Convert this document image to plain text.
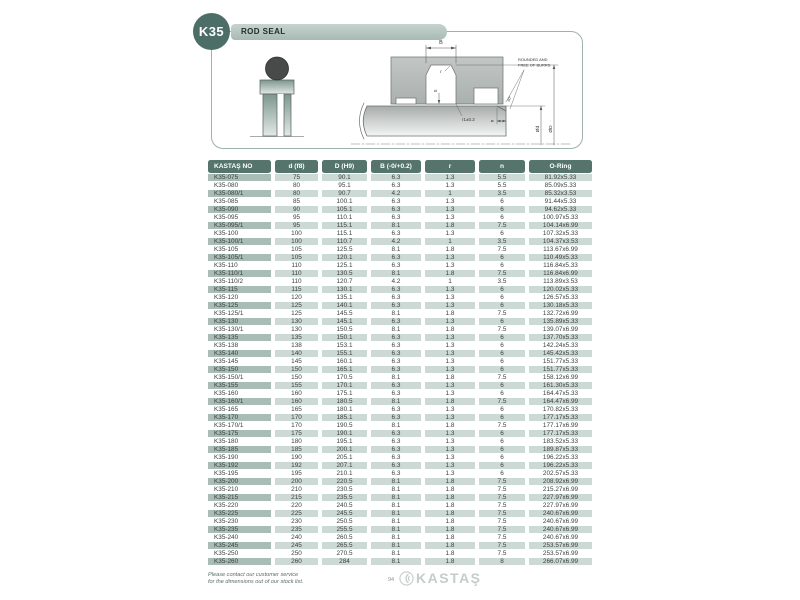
K35	ROD SEAL
B
r
S
r1±0.2	n
20°
Ød ØD
ROUNDED AND
FREE OF BURRS
KASTAŞ NO	d (f8)	D (H9)	B (-0/+0.2)	r	n	O-Ring
K35-075	75	90.1	6.3	1.3	5.5	81.92x5.33
K35-080	80	95.1	6.3	1.3	5.5	85.09x5.33
K35-080/1	80	90.7	4.2	1	3.5	85.32x3.53
K35-085	85	100.1	6.3	1.3	6	91.44x5.33
K35-090	90	105.1	6.3	1.3	6	94.62x5.33
K35-095	95	110.1	6.3	1.3	6	100.97x5.33
K35-095/1	95	115.1	8.1	1.8	7.5	104.14x6.99
K35-100	100	115.1	6.3	1.3	6	107.32x5.33
K35-100/1	100	110.7	4.2	1	3.5	104.37x3.53
K35-105	105	125.5	8.1	1.8	7.5	113.67x6.99
K35-105/1	105	120.1	6.3	1.3	6	110.49x5.33
K35-110	110	125.1	6.3	1.3	6	116.84x5.33
K35-110/1	110	130.5	8.1	1.8	7.5	116.84x6.99
K35-110/2	110	120.7	4.2	1	3.5	113.89x3.53
K35-115	115	130.1	6.3	1.3	6	120.02x5.33
K35-120	120	135.1	6.3	1.3	6	126.57x5.33
K35-125	125	140.1	6.3	1.3	6	130.18x5.33
K35-125/1	125	145.5	8.1	1.8	7.5	132.72x6.99
K35-130	130	145.1	6.3	1.3	6	135.89x5.33
K35-130/1	130	150.5	8.1	1.8	7.5	139.07x6.99
K35-135	135	150.1	6.3	1.3	6	137.70x5.33
K35-138	138	153.1	6.3	1.3	6	142.24x5.33
K35-140	140	155.1	6.3	1.3	6	145.42x5.33
K35-145	145	160.1	6.3	1.3	6	151.77x5.33
K35-150	150	165.1	6.3	1.3	6	151.77x5.33
K35-150/1	150	170.5	8.1	1.8	7.5	158.12x6.99
K35-155	155	170.1	6.3	1.3	6	161.30x5.33
K35-160	160	175.1	6.3	1.3	6	164.47x5.33
K35-160/1	160	180.5	8.1	1.8	7.5	164.47x6.99
K35-165	165	180.1	6.3	1.3	6	170.82x5.33
K35-170	170	185.1	6.3	1.3	6	177.17x5.33
K35-170/1	170	190.5	8.1	1.8	7.5	177.17x6.99
K35-175	175	190.1	6.3	1.3	6	177.17x5.33
K35-180	180	195.1	6.3	1.3	6	183.52x5.33
K35-185	185	200.1	6.3	1.3	6	189.87x5.33
K35-190	190	205.1	6.3	1.3	6	196.22x5.33
K35-192	192	207.1	6.3	1.3	6	196.22x5.33
K35-195	195	210.1	6.3	1.3	6	202.57x5.33
K35-200	200	220.5	8.1	1.8	7.5	208.92x6.99
K35-210	210	230.5	8.1	1.8	7.5	215.27x6.99
K35-215	215	235.5	8.1	1.8	7.5	227.97x6.99
K35-220	220	240.5	8.1	1.8	7.5	227.97x6.99
K35-225	225	245.5	8.1	1.8	7.5	240.67x6.99
K35-230	230	250.5	8.1	1.8	7.5	240.67x6.99
K35-235	235	255.5	8.1	1.8	7.5	240.67x6.99
K35-240	240	260.5	8.1	1.8	7.5	240.67x6.99
K35-245	245	265.5	8.1	1.8	7.5	253.57x6.99
K35-250	250	270.5	8.1	1.8	7.5	253.57x6.99
K35-260	260	284	8.1	1.8	8	266.07x6.99
Please contact our customer service
for the dimensions out of our stock list.	94 KASTAŞ
